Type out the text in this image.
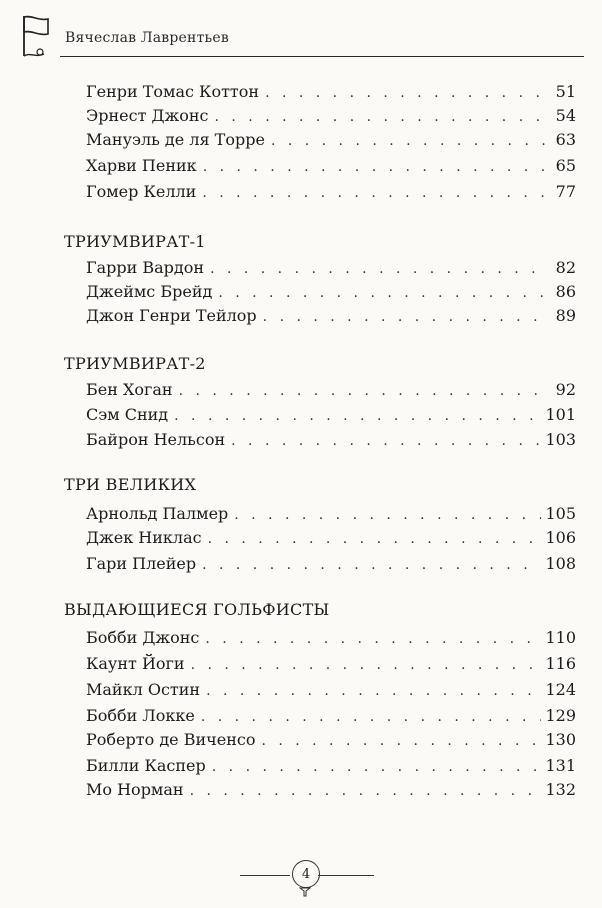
Вячеслав Лаврентьев
Генри Томас Коттон . . .	51
Эрнест Джонс . . .	54
Мануэль де ля Торре . . .	63
Харви Пеник . . .	65
Гомер Келли . . .	77
ТРИУМВИРАТ-1
Гарри Вардон . . .	82
Джеймс Брейд . . .	86
Джон Генри Тейлор . . .	89
ТРИУМВИРАТ-2
Бен Хоган . . .	92
Сэм Снид . . .	101
Байрон Нельсон . . .	103
ТРИ ВЕЛИКИХ
Арнольд Палмер . . .	105
Джек Никлас . . .	106
Гари Плейер . . .	108
ВЫДАЮЩИЕСЯ ГОЛЬФИСТЫ
Бобби Джонс . . .	110
Каунт Йоги . . .	116
Майкл Остин . . .	124
Бобби Локке . . .	129
Роберто де Виченсо . . .	130
Билли Каспер . . .	131
Мо Норман . . .	132
4
